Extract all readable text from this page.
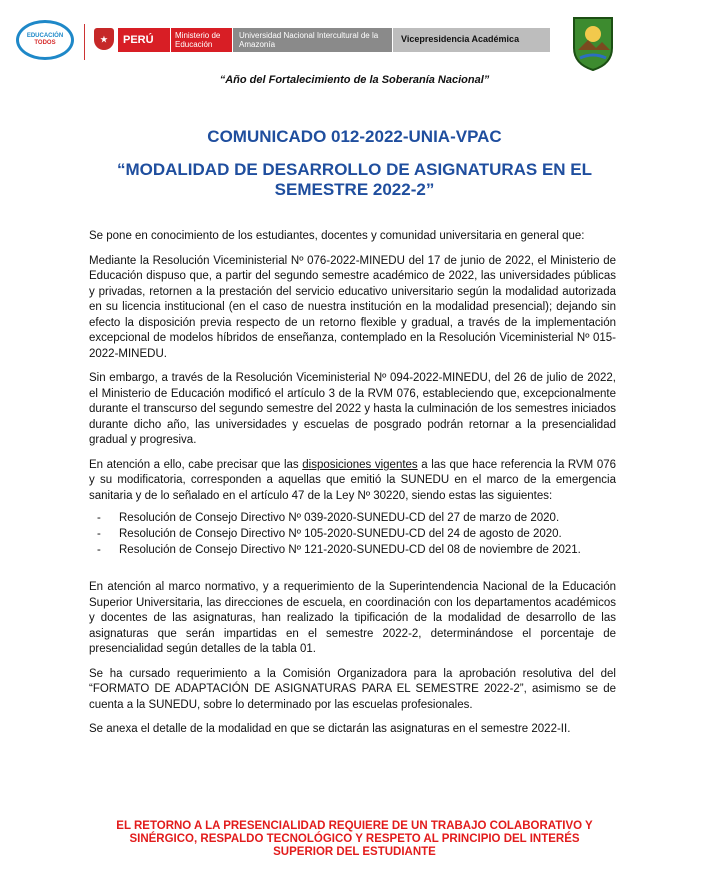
EDUCACIÓN
TODOS	★	PERÚ	Ministerio de Educación
Universidad Nacional Intercultural de la Amazonía
Vicepresidencia Académica
“Año del Fortalecimiento de la Soberanía Nacional”
COMUNICADO 012-2022-UNIA-VPAC
“MODALIDAD DE DESARROLLO DE ASIGNATURAS EN EL SEMESTRE 2022-2”

Se pone en conocimiento de los estudiantes, docentes y comunidad universitaria en general que:

Mediante la Resolución Viceministerial Nº 076-2022-MINEDU del 17 de junio de 2022, el Ministerio de Educación dispuso que, a partir del segundo semestre académico de 2022, las universidades públicas y privadas, retornen a la prestación del servicio educativo universitario según la modalidad autorizada en su licencia institucional (en el caso de nuestra institución en la modalidad presencial); dejando sin efecto la disposición previa respecto de un retorno flexible y gradual, a través de la implementación excepcional de modelos híbridos de enseñanza, contemplado en la Resolución Viceministerial Nº 015-2022-MINEDU.

Sin embargo, a través de la Resolución Viceministerial Nº 094-2022-MINEDU, del 26 de julio de 2022, el Ministerio de Educación modificó el artículo 3 de la RVM 076, estableciendo que, excepcionalmente durante el transcurso del segundo semestre del 2022 y hasta la culminación de los semestres iniciados durante dicho año, las universidades y escuelas de posgrado podrán retornar a la presencialidad gradual y progresiva.

En atención a ello, cabe precisar que las disposiciones vigentes a las que hace referencia la RVM 076 y su modificatoria, corresponden a aquellas que emitió la SUNEDU en el marco de la emergencia sanitaria y de lo señalado en el artículo 47 de la Ley Nº 30220, siendo estas las siguientes:

- Resolución de Consejo Directivo Nº 039-2020-SUNEDU-CD del 27 de marzo de 2020.
- Resolución de Consejo Directivo Nº 105-2020-SUNEDU-CD del 24 de agosto de 2020.
- Resolución de Consejo Directivo Nº 121-2020-SUNEDU-CD del 08 de noviembre de 2021.

En atención al marco normativo, y a requerimiento de la Superintendencia Nacional de la Educación Superior Universitaria, las direcciones de escuela, en coordinación con los departamentos académicos y docentes de las asignaturas, han realizado la tipificación de la modalidad de desarrollo de las asignaturas que serán impartidas en el semestre 2022-2, determinándose el porcentaje de presencialidad según detalles de la tabla 01.

Se ha cursado requerimiento a la Comisión Organizadora para la aprobación resolutiva del del “FORMATO DE ADAPTACIÓN DE ASIGNATURAS PARA EL SEMESTRE 2022-2”, asimismo se de cuenta a la SUNEDU, sobre lo determinado por las escuelas profesionales.

Se anexa el detalle de la modalidad en que se dictarán las asignaturas en el semestre 2022-II.

EL RETORNO A LA PRESENCIALIDAD REQUIERE DE UN TRABAJO COLABORATIVO Y SINÉRGICO, RESPALDO TECNOLÓGICO Y RESPETO AL PRINCIPIO DEL INTERÉS SUPERIOR DEL ESTUDIANTE
